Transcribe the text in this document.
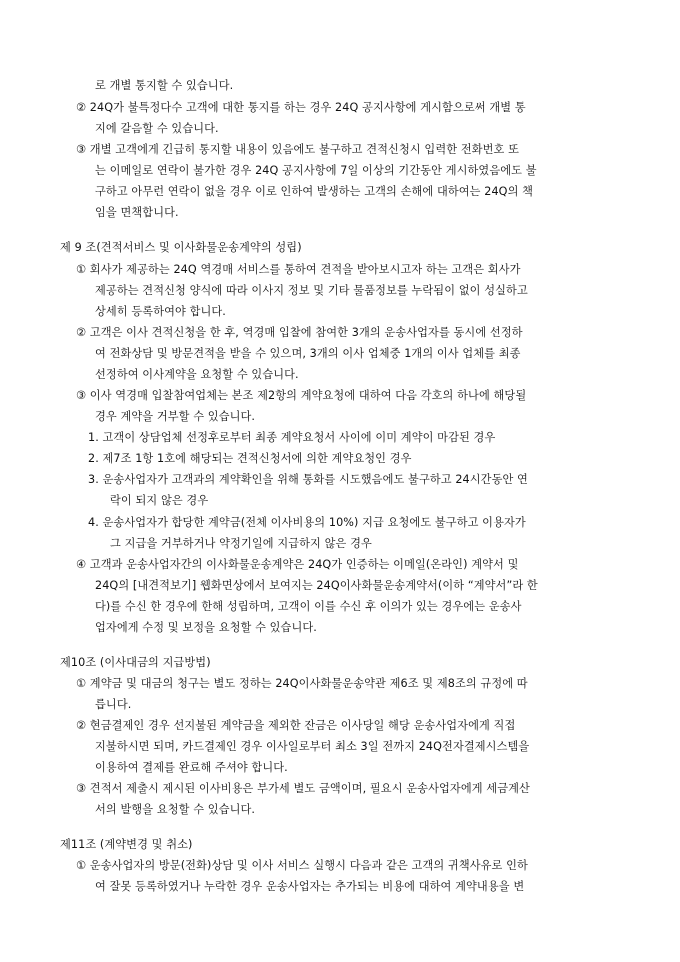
로 개별 통지할 수 있습니다.
② 24Q가 불특정다수 고객에 대한 통지를 하는 경우 24Q 공지사항에 게시함으로써 개별 통
지에 갈음할 수 있습니다.
③ 개별 고객에게 긴급히 통지할 내용이 있음에도 불구하고 견적신청시 입력한 전화번호 또
는 이메일로 연락이 불가한 경우 24Q 공지사항에 7일 이상의 기간동안 게시하였음에도 불
구하고 아무런 연락이 없을 경우 이로 인하여 발생하는 고객의 손해에 대하여는 24Q의 책
임을 면책합니다.
제 9 조(견적서비스 및 이사화물운송계약의 성립)
① 회사가 제공하는 24Q 역경매 서비스를 통하여 견적을 받아보시고자 하는 고객은 회사가
제공하는 견적신청 양식에 따라 이사지 정보 및 기타 물품정보를 누락됨이 없이 성실하고
상세히 등록하여야 합니다.
② 고객은 이사 견적신청을 한 후, 역경매 입찰에 참여한 3개의 운송사업자를 동시에 선정하
여 전화상담 및 방문견적을 받을 수 있으며, 3개의 이사 업체중 1개의 이사 업체를 최종
선정하여 이사계약을 요청할 수 있습니다.
③ 이사 역경매 입찰참여업체는 본조 제2항의 계약요청에 대하여 다음 각호의 하나에 해당될
경우 계약을 거부할 수 있습니다.
1. 고객이 상담업체 선정후로부터 최종 계약요청서 사이에 이미 계약이 마감된 경우
2. 제7조 1항 1호에 해당되는 견적신청서에 의한 계약요청인 경우
3. 운송사업자가 고객과의 계약확인을 위해 통화를 시도했음에도 불구하고 24시간동안 연
락이 되지 않은 경우
4. 운송사업자가 합당한 계약금(전체 이사비용의 10%) 지급 요청에도 불구하고 이용자가
그 지급을 거부하거나 약정기일에 지급하지 않은 경우
④ 고객과 운송사업자간의 이사화물운송계약은 24Q가 인증하는 이메일(온라인) 계약서 및
24Q의 [내견적보기] 웹화면상에서 보여지는 24Q이사화물운송계약서(이하 “계약서”라 한
다)를 수신 한 경우에 한해 성립하며, 고객이 이를 수신 후 이의가 있는 경우에는 운송사
업자에게 수정 및 보정을 요청할 수 있습니다.
제10조 (이사대금의 지급방법)
① 계약금 및 대금의 청구는 별도 정하는 24Q이사화물운송약관 제6조 및 제8조의 규정에 따
릅니다.
② 현금결제인 경우 선지불된 계약금을 제외한 잔금은 이사당일 해당 운송사업자에게 직접
지불하시면 되며, 카드결제인 경우 이사일로부터 최소 3일 전까지 24Q전자결제시스템을
이용하여 결제를 완료해 주셔야 합니다.
③ 견적서 제출시 제시된 이사비용은 부가세 별도 금액이며, 필요시 운송사업자에게 세금계산
서의 발행을 요청할 수 있습니다.
제11조 (계약변경 및 취소)
① 운송사업자의 방문(전화)상담 및 이사 서비스 실행시 다음과 같은 고객의 귀책사유로 인하
여 잘못 등록하였거나 누락한 경우 운송사업자는 추가되는 비용에 대하여 계약내용을 변
